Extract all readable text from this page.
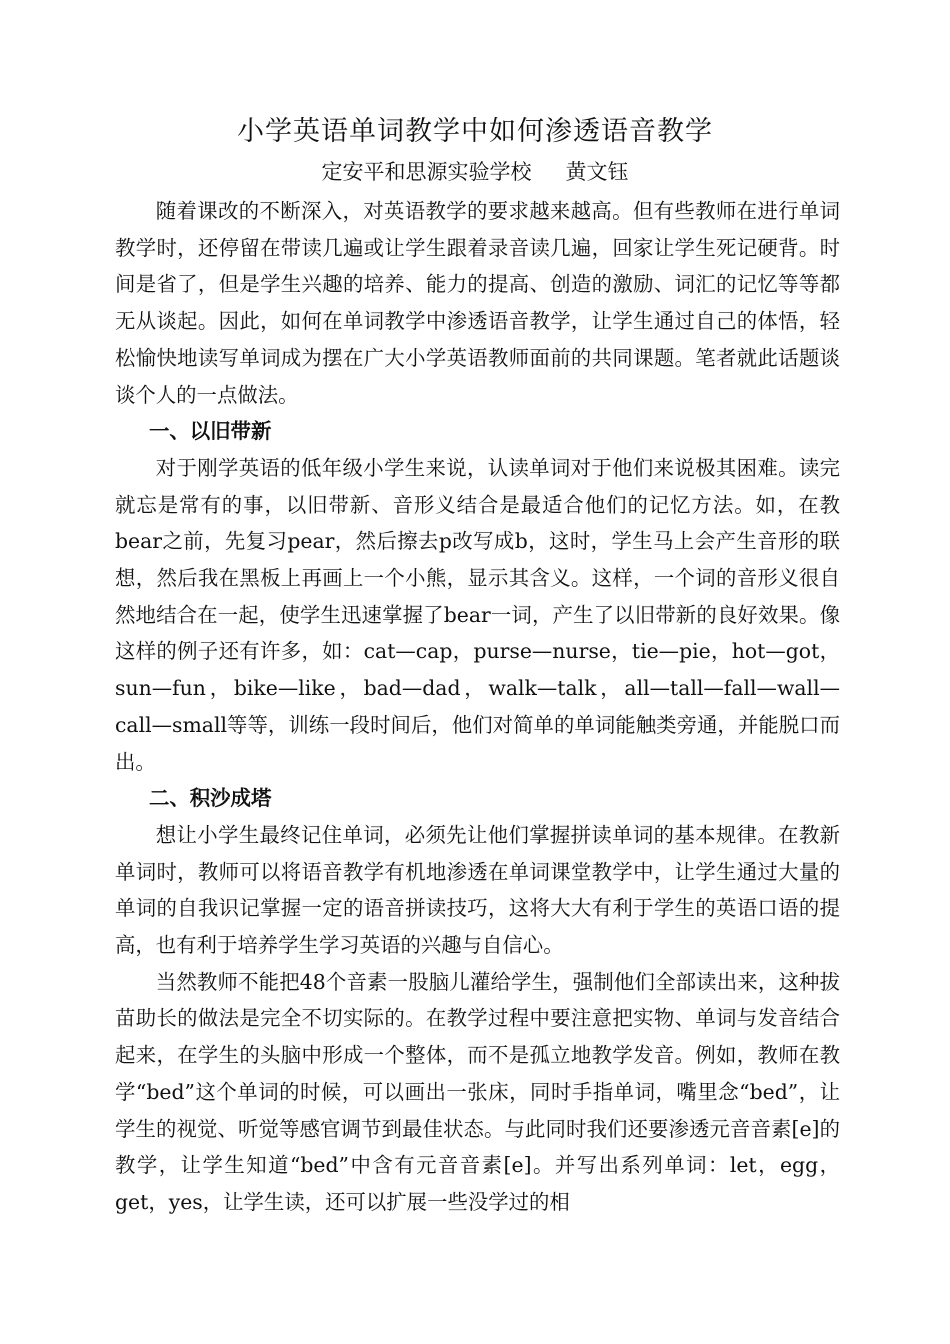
小学英语单词教学中如何渗透语音教学
定安平和思源实验学校 黄文钰

随着课改的不断深入，对英语教学的要求越来越高。但有些教师在进行单词教学时，还停留在带读几遍或让学生跟着录音读几遍，回家让学生死记硬背。时间是省了，但是学生兴趣的培养、能力的提高、创造的激励、词汇的记忆等等都无从谈起。因此，如何在单词教学中渗透语音教学，让学生通过自己的体悟，轻松愉快地读写单词成为摆在广大小学英语教师面前的共同课题。笔者就此话题谈谈个人的一点做法。

一、以旧带新

对于刚学英语的低年级小学生来说，认读单词对于他们来说极其困难。读完就忘是常有的事，以旧带新、音形义结合是最适合他们的记忆方法。如，在教bear之前，先复习pear，然后擦去p改写成b，这时，学生马上会产生音形的联想，然后我在黑板上再画上一个小熊，显示其含义。这样，一个词的音形义很自然地结合在一起，使学生迅速掌握了bear一词，产生了以旧带新的良好效果。像这样的例子还有许多，如：cat—cap，purse—nurse，tie—pie，hot—got，sun—fun，bike—like，bad—dad，walk—talk，all—tall—fall—wall—call—small等等，训练一段时间后，他们对简单的单词能触类旁通，并能脱口而出。

二、积沙成塔

想让小学生最终记住单词，必须先让他们掌握拼读单词的基本规律。在教新单词时，教师可以将语音教学有机地渗透在单词课堂教学中，让学生通过大量的单词的自我识记掌握一定的语音拼读技巧，这将大大有利于学生的英语口语的提高，也有利于培养学生学习英语的兴趣与自信心。

当然教师不能把48个音素一股脑儿灌给学生，强制他们全部读出来，这种拔苗助长的做法是完全不切实际的。在教学过程中要注意把实物、单词与发音结合起来，在学生的头脑中形成一个整体，而不是孤立地教学发音。例如，教师在教学“bed”这个单词的时候，可以画出一张床，同时手指单词，嘴里念“bed”，让学生的视觉、听觉等感官调节到最佳状态。与此同时我们还要渗透元音音素[e]的教学，让学生知道“bed”中含有元音音素[e]。并写出系列单词：let，egg，get，yes，让学生读，还可以扩展一些没学过的相
